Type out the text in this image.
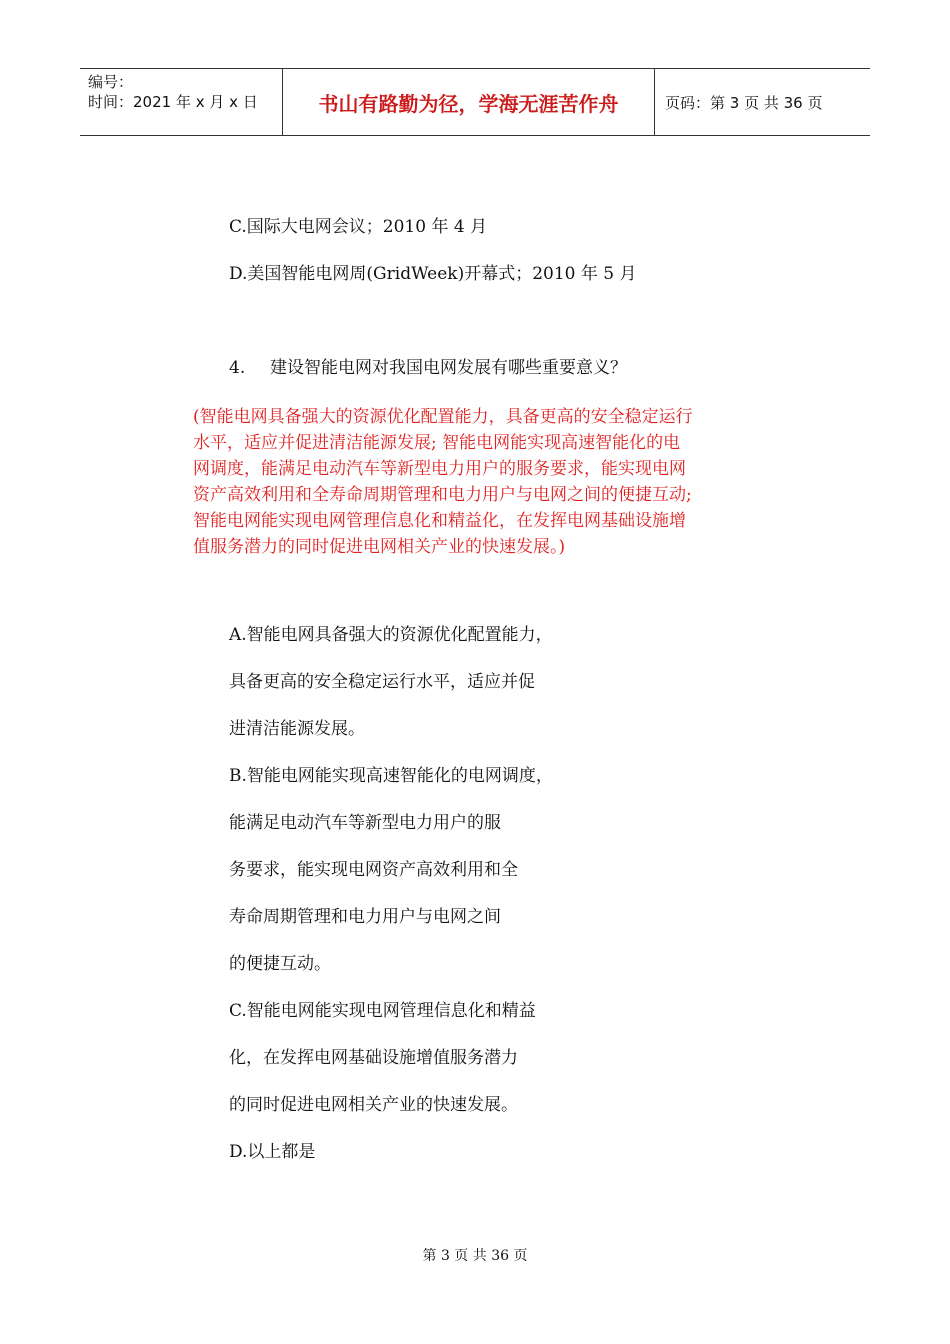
编号：
时间：2021 年 x 月 x 日	书山有路勤为径，学海无涯苦作舟	页码：第 3 页 共 36 页
C.国际大电网会议；2010 年 4 月
D.美国智能电网周(GridWeek)开幕式；2010 年 5 月
4. 建设智能电网对我国电网发展有哪些重要意义？
(智能电网具备强大的资源优化配置能力，具备更高的安全稳定运行
水平，适应并促进清洁能源发展; 智能电网能实现高速智能化的电
网调度，能满足电动汽车等新型电力用户的服务要求，能实现电网
资产高效利用和全寿命周期管理和电力用户与电网之间的便捷互动;
智能电网能实现电网管理信息化和精益化，在发挥电网基础设施增
值服务潜力的同时促进电网相关产业的快速发展。)
A.智能电网具备强大的资源优化配置能力，
具备更高的安全稳定运行水平，适应并促
进清洁能源发展。
B.智能电网能实现高速智能化的电网调度，
能满足电动汽车等新型电力用户的服
务要求，能实现电网资产高效利用和全
寿命周期管理和电力用户与电网之间
的便捷互动。
C.智能电网能实现电网管理信息化和精益
化，在发挥电网基础设施增值服务潜力
的同时促进电网相关产业的快速发展。
D.以上都是
第 3 页 共 36 页
